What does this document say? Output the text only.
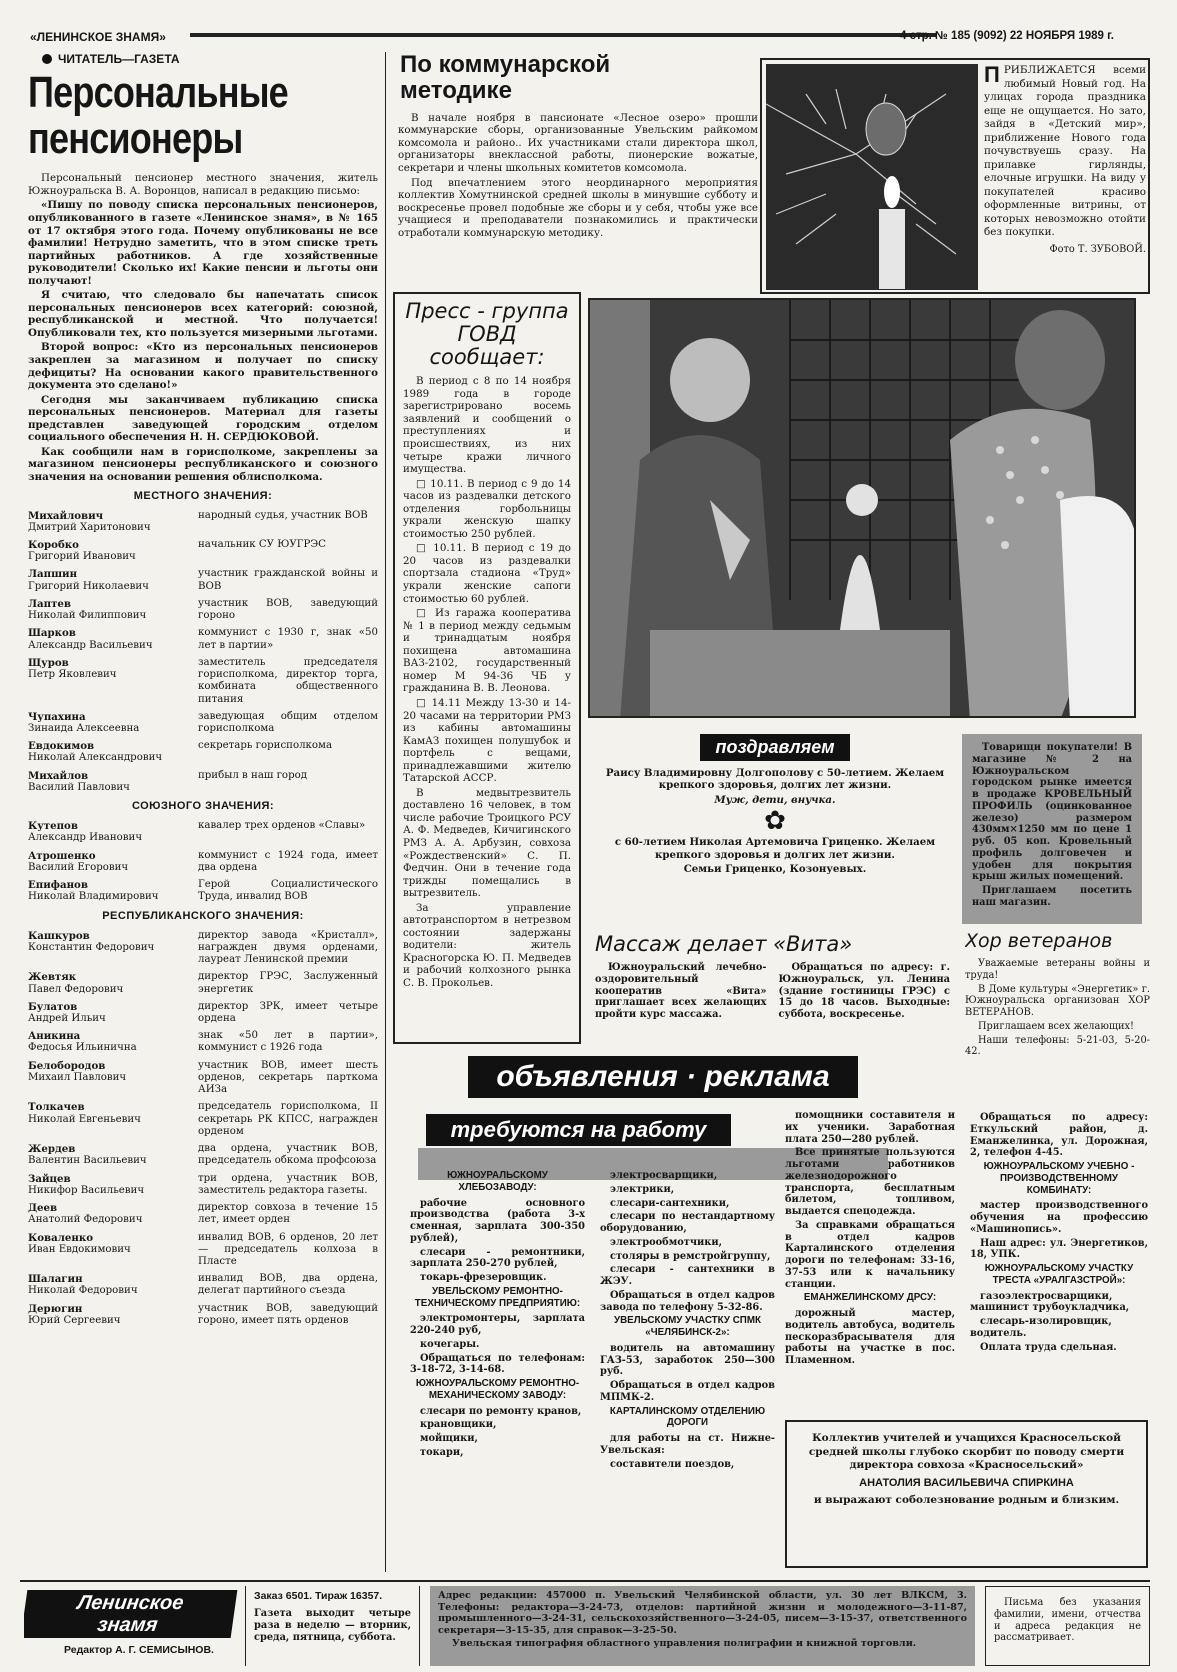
«ЛЕНИНСКОЕ ЗНАМЯ»	4 стр. № 185 (9092) 22 НОЯБРЯ 1989 г.
ЧИТАТЕЛЬ—ГАЗЕТА
Персональные
пенсионеры

Персональный пенсионер местного значения, житель Южноуральска В. А. Воронцов, написал в редакцию письмо:

«Пишу по поводу списка персональных пенсионеров, опубликованного в газете «Ленинское знамя», в № 165 от 17 октября этого года. Почему опубликованы не все фамилии! Нетрудно заметить, что в этом списке треть партийных работников. А где хозяйственные руководители! Сколько их! Какие пенсии и льготы они получают!

Я считаю, что следовало бы напечатать список персональных пенсионеров всех категорий: союзной, республиканской и местной. Что получается! Опубликовали тех, кто пользуется мизерными льготами.

Второй вопрос: «Кто из персональных пенсионеров закреплен за магазином и получает по списку дефициты? На основании какого правительственного документа это сделано!»

Сегодня мы заканчиваем публикацию списка персональных пенсионеров. Материал для газеты представлен заведующей городским отделом социального обеспечения Н. Н. СЕРДЮКОВОЙ.

Как сообщили нам в горисполкоме, закреплены за магазином пенсионеры республиканского и союзного значения на основании решения облисполкома.

МЕСТНОГО ЗНАЧЕНИЯ:
Михайлович
Дмитрий Харитонович
народный судья, участник ВОВ
Коробко
Григорий Иванович
начальник СУ ЮУГРЭС
Лапшин
Григорий Николаевич
участник гражданской войны и ВОВ
Лаптев
Николай Филиппович
участник ВОВ, заведующий гороно
Шарков
Александр Васильевич
коммунист с 1930 г, знак «50 лет в партии»
Щуров
Петр Яковлевич
заместитель председателя горисполкома, директор торга, комбината общественного питания
Чупахина
Зинаида Алексеевна
заведующая общим отделом горисполкома
Евдокимов
Николай Александрович
секретарь горисполкома
Михайлов
Василий Павлович
прибыл в наш город
СОЮЗНОГО ЗНАЧЕНИЯ:
Кутепов
Александр Иванович
кавалер трех орденов «Славы»
Атрошенко
Василий Егорович
коммунист с 1924 года, имеет два ордена
Епифанов
Николай Владимирович
Герой Социалистического Труда, инвалид ВОВ
РЕСПУБЛИКАНСКОГО ЗНАЧЕНИЯ:
Кашкуров
Константин Федорович
директор завода «Кристалл», награжден двумя орденами, лауреат Ленинской премии
Жевтяк
Павел Федорович
директор ГРЭС, Заслуженный энергетик
Булатов
Андрей Ильич
директор ЗРК, имеет четыре ордена
Аникина
Федосья Ильинична
знак «50 лет в партии», коммунист с 1926 года
Белобородов
Михаил Павлович
участник ВОВ, имеет шесть орденов, секретарь парткома АИЗа
Толкачев
Николай Евгеньевич
председатель горисполкома, II секретарь РК КПСС, награжден орденом
Жердев
Валентин Васильевич
два ордена, участник ВОВ, председатель обкома профсоюза
Зайцев
Никифор Васильевич
три ордена, участник ВОВ, заместитель редактора газеты.
Деев
Анатолий Федорович
директор совхоза в течение 15 лет, имеет орден
Коваленко
Иван Евдокимович
инвалид ВОВ, 6 орденов, 20 лет — председатель колхоза в Пласте
Шалагин
Николай Федорович
инвалид ВОВ, два ордена, делегат партийного съезда
Дерюгин
Юрий Сергеевич
участник ВОВ, заведующий гороно, имеет пять орденов
По коммунарской
методике

В начале ноября в пансионате «Лесное озеро» прошли коммунарские сборы, организованные Увельским райкомом комсомола и районо.. Их участниками стали директора школ, организаторы внеклассной работы, пионерские вожатые, секретари и члены школьных комитетов комсомола.

Под впечатлением этого неординарного мероприятия коллектив Хомутнинской средней школы в минувшие субботу и воскресенье провел подобные же сборы и у себя, чтобы уже все учащиеся и преподаватели познакомились и практически отработали коммунарскую методику.

ПРИБЛИЖАЕТСЯ всеми любимый Новый год. На улицах города праздника еще не ощущается. Но зато, зайдя в «Детский мир», приближение Нового года почувствуешь сразу. На прилавке гирлянды, елочные игрушки. На виду у покупателей красиво оформленные витрины, от которых невозможно отойти без покупки.

Фото Т. ЗУБОВОЙ.
Пресс - группа
ГОВД
сообщает:

В период с 8 по 14 ноября 1989 года в городе зарегистрировано восемь заявлений и сообщений о преступлениях и происшествиях, из них четыре кражи личного имущества.

□ 10.11. В период с 9 до 14 часов из раздевалки детского отделения горбольницы украли женскую шапку стоимостью 250 рублей.

□ 10.11. В период с 19 до 20 часов из раздевалки спортзала стадиона «Труд» украли женские сапоги стоимостью 60 рублей.

□ Из гаража кооператива № 1 в период между седьмым и тринадцатым ноября похищена автомашина ВАЗ-2102, государственный номер М 94-36 ЧБ у гражданина В. В. Леонова.

□ 14.11 Между 13-30 и 14-20 часами на территории РМЗ из кабины автомашины КамАЗ похищен полушубок и портфель с вещами, принадлежавшими жителю Татарской АССР.

В медвытрезвитель доставлено 16 человек, в том числе рабочие Троицкого РСУ А. Ф. Медведев, Кичигинского РМЗ А. А. Арбузин, совхоза «Рождественский» С. П. Федчин. Они в течение года трижды помещались в вытрезвитель.

За управление автотранспортом в нетрезвом состоянии задержаны водители: житель Красногорска Ю. П. Медведев и рабочий колхозного рынка С. В. Прокольев.

поздравляем

Раису Владимировну Долгополову с 50-летием. Желаем крепкого здоровья, долгих лет жизни.

Муж, дети, внучка.

✿

с 60-летием Николая Артемовича Гриценко. Желаем крепкого здоровья и долгих лет жизни.

Семьи Гриценко, Козонуевых.

Товарищи покупатели! В магазине № 2 на Южноуральском городском рынке имеется в продаже КРОВЕЛЬНЫЙ ПРОФИЛЬ (оцинкованное железо) размером 430мм×1250 мм по цене 1 руб. 05 коп. Кровельный профиль долговечен и удобен для покрытия крыш жилых помещений.

Приглашаем посетить наш магазин.

Массаж делает «Вита»

Южноуральский лечебно-оздоровительный кооператив «Вита» приглашает всех желающих пройти курс массажа.

Обращаться по адресу: г. Южноуральск, ул. Ленина (здание гостиницы ГРЭС) с 15 до 18 часов. Выходные: суббота, воскресенье.

Хор ветеранов

Уважаемые ветераны войны и труда!

В Доме культуры «Энергетик» г. Южноуральска организован ХОР ВЕТЕРАНОВ.

Приглашаем всех желающих!

Наши телефоны: 5-21-03, 5-20-42.

объявления · реклама
требуются на работу

ЮЖНОУРАЛЬСКОМУ ХЛЕБОЗАВОДУ:

рабочие основного производства (работа 3-х сменная, зарплата 300-350 рублей),

слесари - ремонтники, зарплата 250-270 рублей,

токарь-фрезеровщик.

УВЕЛЬСКОМУ РЕМОНТНО-ТЕХНИЧЕСКОМУ ПРЕДПРИЯТИЮ:

электромонтеры, зарплата 220-240 руб,

кочегары.

Обращаться по телефонам: 3-18-72, 3-14-68.

ЮЖНОУРАЛЬСКОМУ РЕМОНТНО-МЕХАНИЧЕСКОМУ ЗАВОДУ:

слесари по ремонту кранов,

крановщики,

мойщики,

токари,

электросварщики,

электрики,

слесари-сантехники,

слесари по нестандартному оборудованию,

электрообмотчики,

столяры в ремстройгруппу,

слесари - сантехники в ЖЭУ.

Обращаться в отдел кадров завода по телефону 5-32-86.

УВЕЛЬСКОМУ УЧАСТКУ СПМК «ЧЕЛЯБИНСК-2»:

водитель на автомашину ГАЗ-53, заработок 250—300 руб.

Обращаться в отдел кадров МПМК-2.

КАРТАЛИНСКОМУ ОТДЕЛЕНИЮ ДОРОГИ

для работы на ст. Нижне-Увельская:

составители поездов,

помощники составителя и их ученики. Заработная плата 250—280 рублей.

Все принятые пользуются льготами работников железнодорожного транспорта, бесплатным билетом, топливом, выдается спецодежда.

За справками обращаться в отдел кадров Карталинского отделения дороги по телефонам: 33-16, 37-53 или к начальнику станции.

ЕМАНЖЕЛИНСКОМУ ДРСУ:

дорожный мастер, водитель автобуса, водитель пескоразбрасывателя для работы на участке в пос. Пламенном.

Обращаться по адресу: Еткульский район, д. Еманжелинка, ул. Дорожная, 2, телефон 4-45.

ЮЖНОУРАЛЬСКОМУ УЧЕБНО - ПРОИЗВОДСТВЕННОМУ КОМБИНАТУ:

мастер производственного обучения на профессию «Машинопись».

Наш адрес: ул. Энергетиков, 18, УПК.

ЮЖНОУРАЛЬСКОМУ УЧАСТКУ ТРЕСТА «УРАЛГАЗСТРОЙ»:

газоэлектросварщики, машинист трубоукладчика,

слесарь-изолировщик, водитель.

Оплата труда сдельная.

Коллектив учителей и учащихся Красносельской средней школы глубоко скорбит по поводу смерти директора совхоза «Красносельский»

АНАТОЛИЯ ВАСИЛЬЕВИЧА СПИРКИНА

и выражают соболезнование родным и близким.

Ленинское
знамя
Редактор А. Г. СЕМИСЫНОВ.
Заказ 6501. Тираж 16357.

Газета выходит четыре раза в неделю — вторник, среда, пятница, суббота.

Адрес редакции: 457000 п. Увельский Челябинской области, ул. 30 лет ВЛКСМ, 3. Телефоны: редактора—3-24-73, отделов: партийной жизни и молодежного—3-11-87, промышленного—3-24-31, сельскохозяйственного—3-24-05, писем—3-15-37, ответственного секретаря—3-15-35, для справок—3-25-50.

Увельская типография областного управления полиграфии и книжной торговли.

Письма без указания фамилии, имени, отчества и адреса редакция не рассматривает.
